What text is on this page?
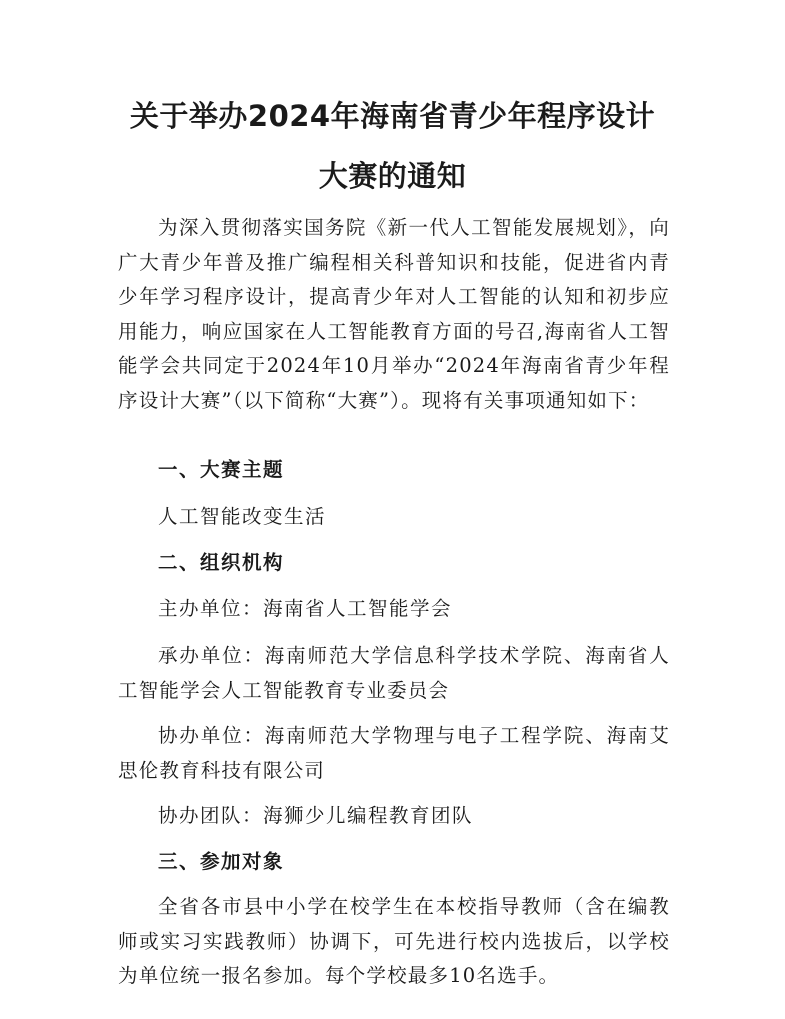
关于举办2024年海南省青少年程序设计
大赛的通知

为深入贯彻落实国务院《新一代人工智能发展规划》，向广大青少年普及推广编程相关科普知识和技能，促进省内青少年学习程序设计，提高青少年对人工智能的认知和初步应用能力，响应国家在人工智能教育方面的号召,海南省人工智能学会共同定于2024年10月举办“2024年海南省青少年程序设计大赛”（以下简称“大赛”）。现将有关事项通知如下：

一、大赛主题

人工智能改变生活

二、组织机构

主办单位：海南省人工智能学会

承办单位：海南师范大学信息科学技术学院、海南省人工智能学会人工智能教育专业委员会

协办单位：海南师范大学物理与电子工程学院、海南艾思伦教育科技有限公司

协办团队：海狮少儿编程教育团队

三、参加对象

全省各市县中小学在校学生在本校指导教师（含在编教师或实习实践教师）协调下，可先进行校内选拔后，以学校为单位统一报名参加。每个学校最多10名选手。
